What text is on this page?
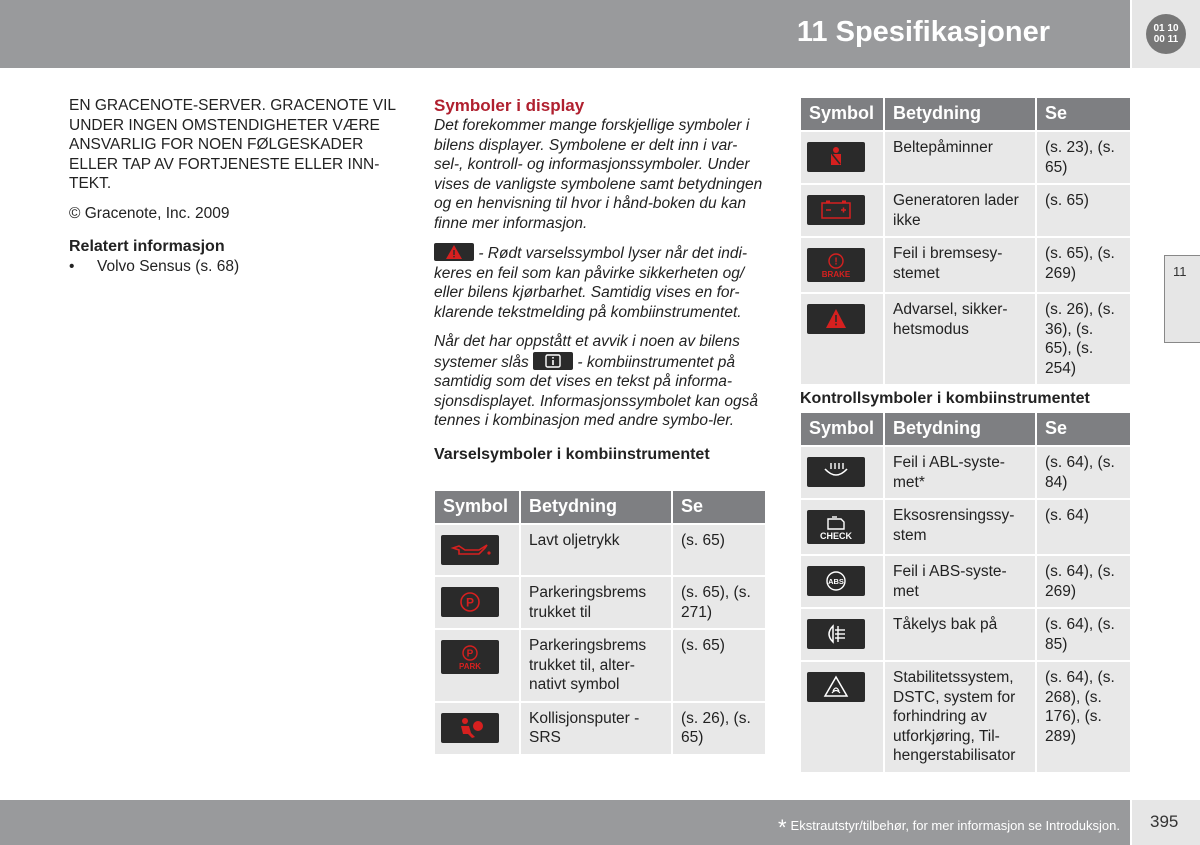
11 Spesifikasjoner	01 10
00 11
11

EN GRACENOTE-SERVER. GRACENOTE VIL UNDER INGEN OMSTENDIGHETER VÆRE ANSVARLIG FOR NOEN FØLGESKADER ELLER TAP AV FORTJENESTE ELLER INN-TEKT.

© Gracenote, Inc. 2009

Relatert informasjon
•	Volvo Sensus (s. 68)
Symboler i display

Det forekommer mange forskjellige symboler i bilens displayer. Symbolene er delt inn i var-sel-, kontroll- og informasjonssymboler. Under vises de vanligste symbolene samt betydningen og en henvisning til hvor i hånd-boken du kan finne mer informasjon.

- Rødt varselssymbol lyser når det indi-keres en feil som kan påvirke sikkerheten og/ eller bilens kjørbarhet. Samtidig vises en for-klarende tekstmelding på kombiinstrumentet.

Når det har oppstått et avvik i noen av bilens systemer slås	- kombiinstrumentet på samtidig som det vises en tekst på informa-sjonsdisplayet. Informasjonssymbolet kan også tennes i kombinasjon med andre symbo-ler.

Varselsymboler i kombiinstrumentet
Symbol	Betydning	Se

	Lavt oljetrykk	(s. 65)

P	Parkeringsbrems trukket til	(s. 65), (s. 271)

P
PARK	Parkeringsbrems trukket til, alter-nativt symbol	(s. 65)

	Kollisjonsputer - SRS	(s. 26), (s. 65)
Symbol	Betydning	Se

	Beltepåminner	(s. 23), (s. 65)

	Generatoren lader ikke	(s. 65)

!
BRAKE	Feil i bremsesy-stemet	(s. 65), (s. 269)

	Advarsel, sikker-hetsmodus	(s. 26), (s. 36), (s. 65), (s. 254)
Kontrollsymboler i kombiinstrumentet
Symbol	Betydning	Se

	Feil i ABL-syste-met*	(s. 64), (s. 84)

CHECK	Eksosrensingssy-stem	(s. 64)

ABS	Feil i ABS-syste-met	(s. 64), (s. 269)

	Tåkelys bak på	(s. 64), (s. 85)

	Stabilitetssystem, DSTC, system for forhindring av utforkjøring, Til-hengerstabilisator	(s. 64), (s. 268), (s. 176), (s. 289)
* Ekstrautstyr/tilbehør, for mer informasjon se Introduksjon. 395
